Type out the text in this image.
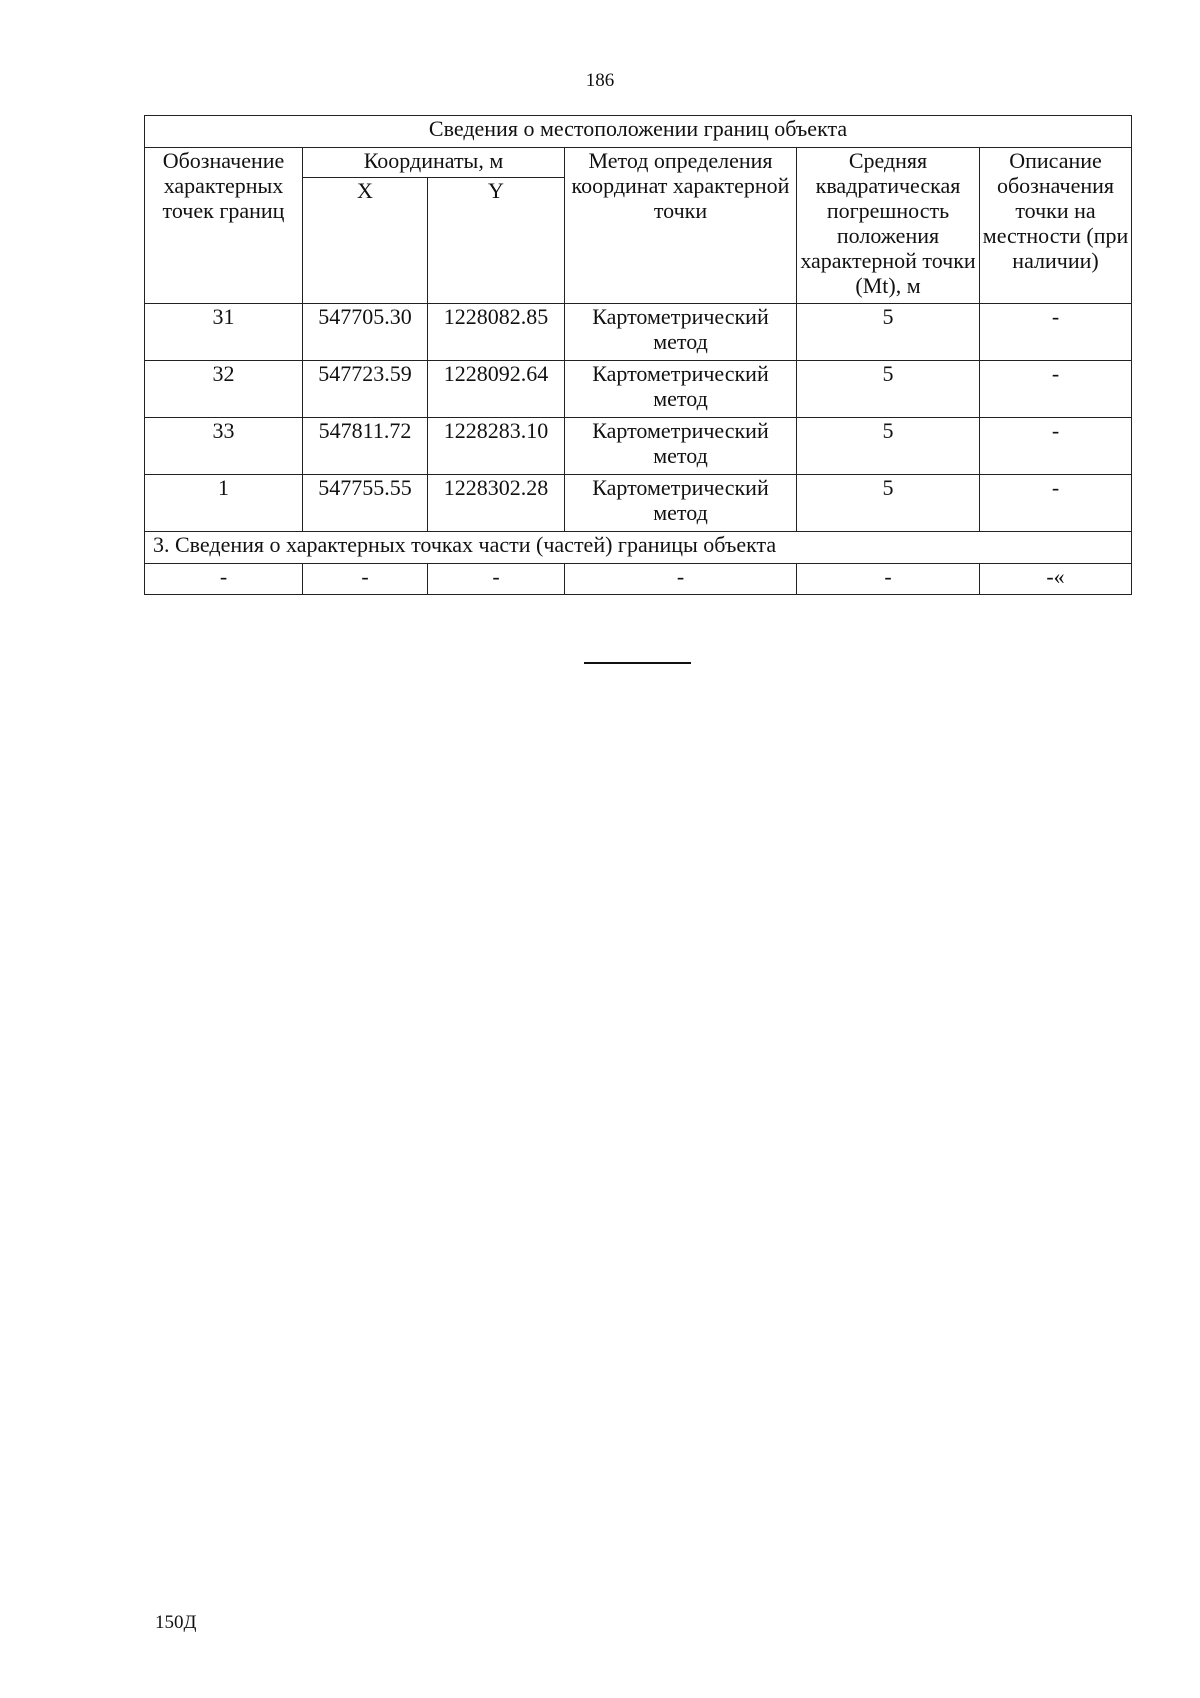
186
Сведения о местоположении границ объекта					
Обозначение характерных точек границ	Координаты, м		Метод определения координат характерной точки	Средняя квадратическая погрешность положения характерной точки (Mt), м	Описание обозначения точки на местности (при наличии)
	X	Y			
31	547705.30	1228082.85	Картометрический метод	5	-
32	547723.59	1228092.64	Картометрический метод	5	-
33	547811.72	1228283.10	Картометрический метод	5	-
1	547755.55	1228302.28	Картометрический метод	5	-
3. Сведения о характерных точках части (частей) границы объекта					
-	-	-	-	-	-«
150Д
